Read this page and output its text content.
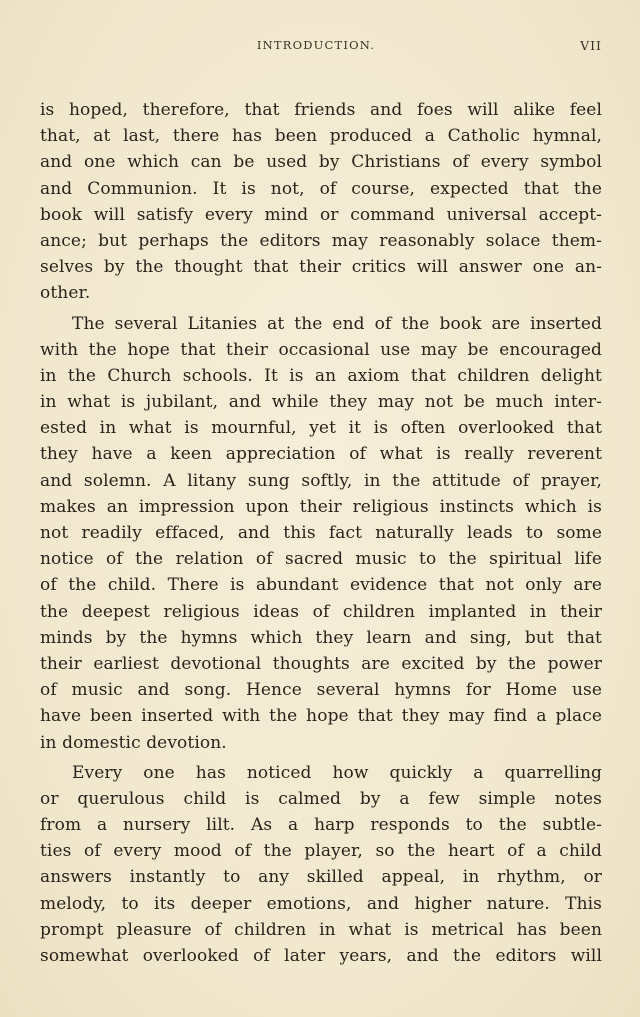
INTRODUCTION.	VII
is hoped, therefore, that friends and foes will alike feel
that, at last, there has been produced a Catholic hymnal,
and one which can be used by Christians of every symbol
and Communion. It is not, of course, expected that the
book will satisfy every mind or command universal accept-
ance; but perhaps the editors may reasonably solace them-
selves by the thought that their critics will answer one an-
other.
The several Litanies at the end of the book are inserted
with the hope that their occasional use may be encouraged
in the Church schools. It is an axiom that children delight
in what is jubilant, and while they may not be much inter-
ested in what is mournful, yet it is often overlooked that
they have a keen appreciation of what is really reverent
and solemn. A litany sung softly, in the attitude of prayer,
makes an impression upon their religious instincts which is
not readily effaced, and this fact naturally leads to some
notice of the relation of sacred music to the spiritual life
of the child. There is abundant evidence that not only are
the deepest religious ideas of children implanted in their
minds by the hymns which they learn and sing, but that
their earliest devotional thoughts are excited by the power
of music and song. Hence several hymns for Home use
have been inserted with the hope that they may find a place
in domestic devotion.
Every one has noticed how quickly a quarrelling
or querulous child is calmed by a few simple notes
from a nursery lilt. As a harp responds to the subtle-
ties of every mood of the player, so the heart of a child
answers instantly to any skilled appeal, in rhythm, or
melody, to its deeper emotions, and higher nature. This
prompt pleasure of children in what is metrical has been
somewhat overlooked of later years, and the editors will
